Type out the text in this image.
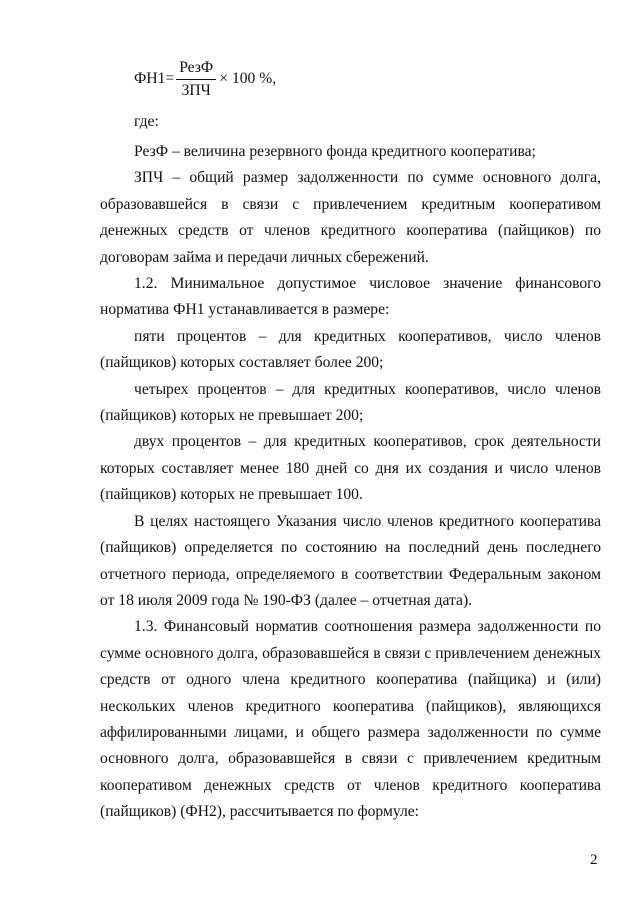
$ФН1= \frac{\text{РезФ}}{\text{ЗПЧ}} \times 100$ %,
где:

РезФ – величина резервного фонда кредитного кооператива;

ЗПЧ – общий размер задолженности по сумме основного долга, образовавшейся в связи с привлечением кредитным кооперативом денежных средств от членов кредитного кооператива (пайщиков) по договорам займа и передачи личных сбережений.

1.2. Минимальное допустимое числовое значение финансового норматива ФН1 устанавливается в размере:

пяти процентов – для кредитных кооперативов, число членов (пайщиков) которых составляет более 200;

четырех процентов – для кредитных кооперативов, число членов (пайщиков) которых не превышает 200;

двух процентов – для кредитных кооперативов, срок деятельности которых составляет менее 180 дней со дня их создания и число членов (пайщиков) которых не превышает 100.

В целях настоящего Указания число членов кредитного кооператива (пайщиков) определяется по состоянию на последний день последнего отчетного периода, определяемого в соответствии Федеральным законом от 18 июля 2009 года № 190-ФЗ (далее – отчетная дата).

1.3. Финансовый норматив соотношения размера задолженности по сумме основного долга, образовавшейся в связи с привлечением денежных средств от одного члена кредитного кооператива (пайщика) и (или) нескольких членов кредитного кооператива (пайщиков), являющихся аффилированными лицами, и общего размера задолженности по сумме основного долга, образовавшейся в связи с привлечением кредитным кооперативом денежных средств от членов кредитного кооператива (пайщиков) (ФН2), рассчитывается по формуле:

2
